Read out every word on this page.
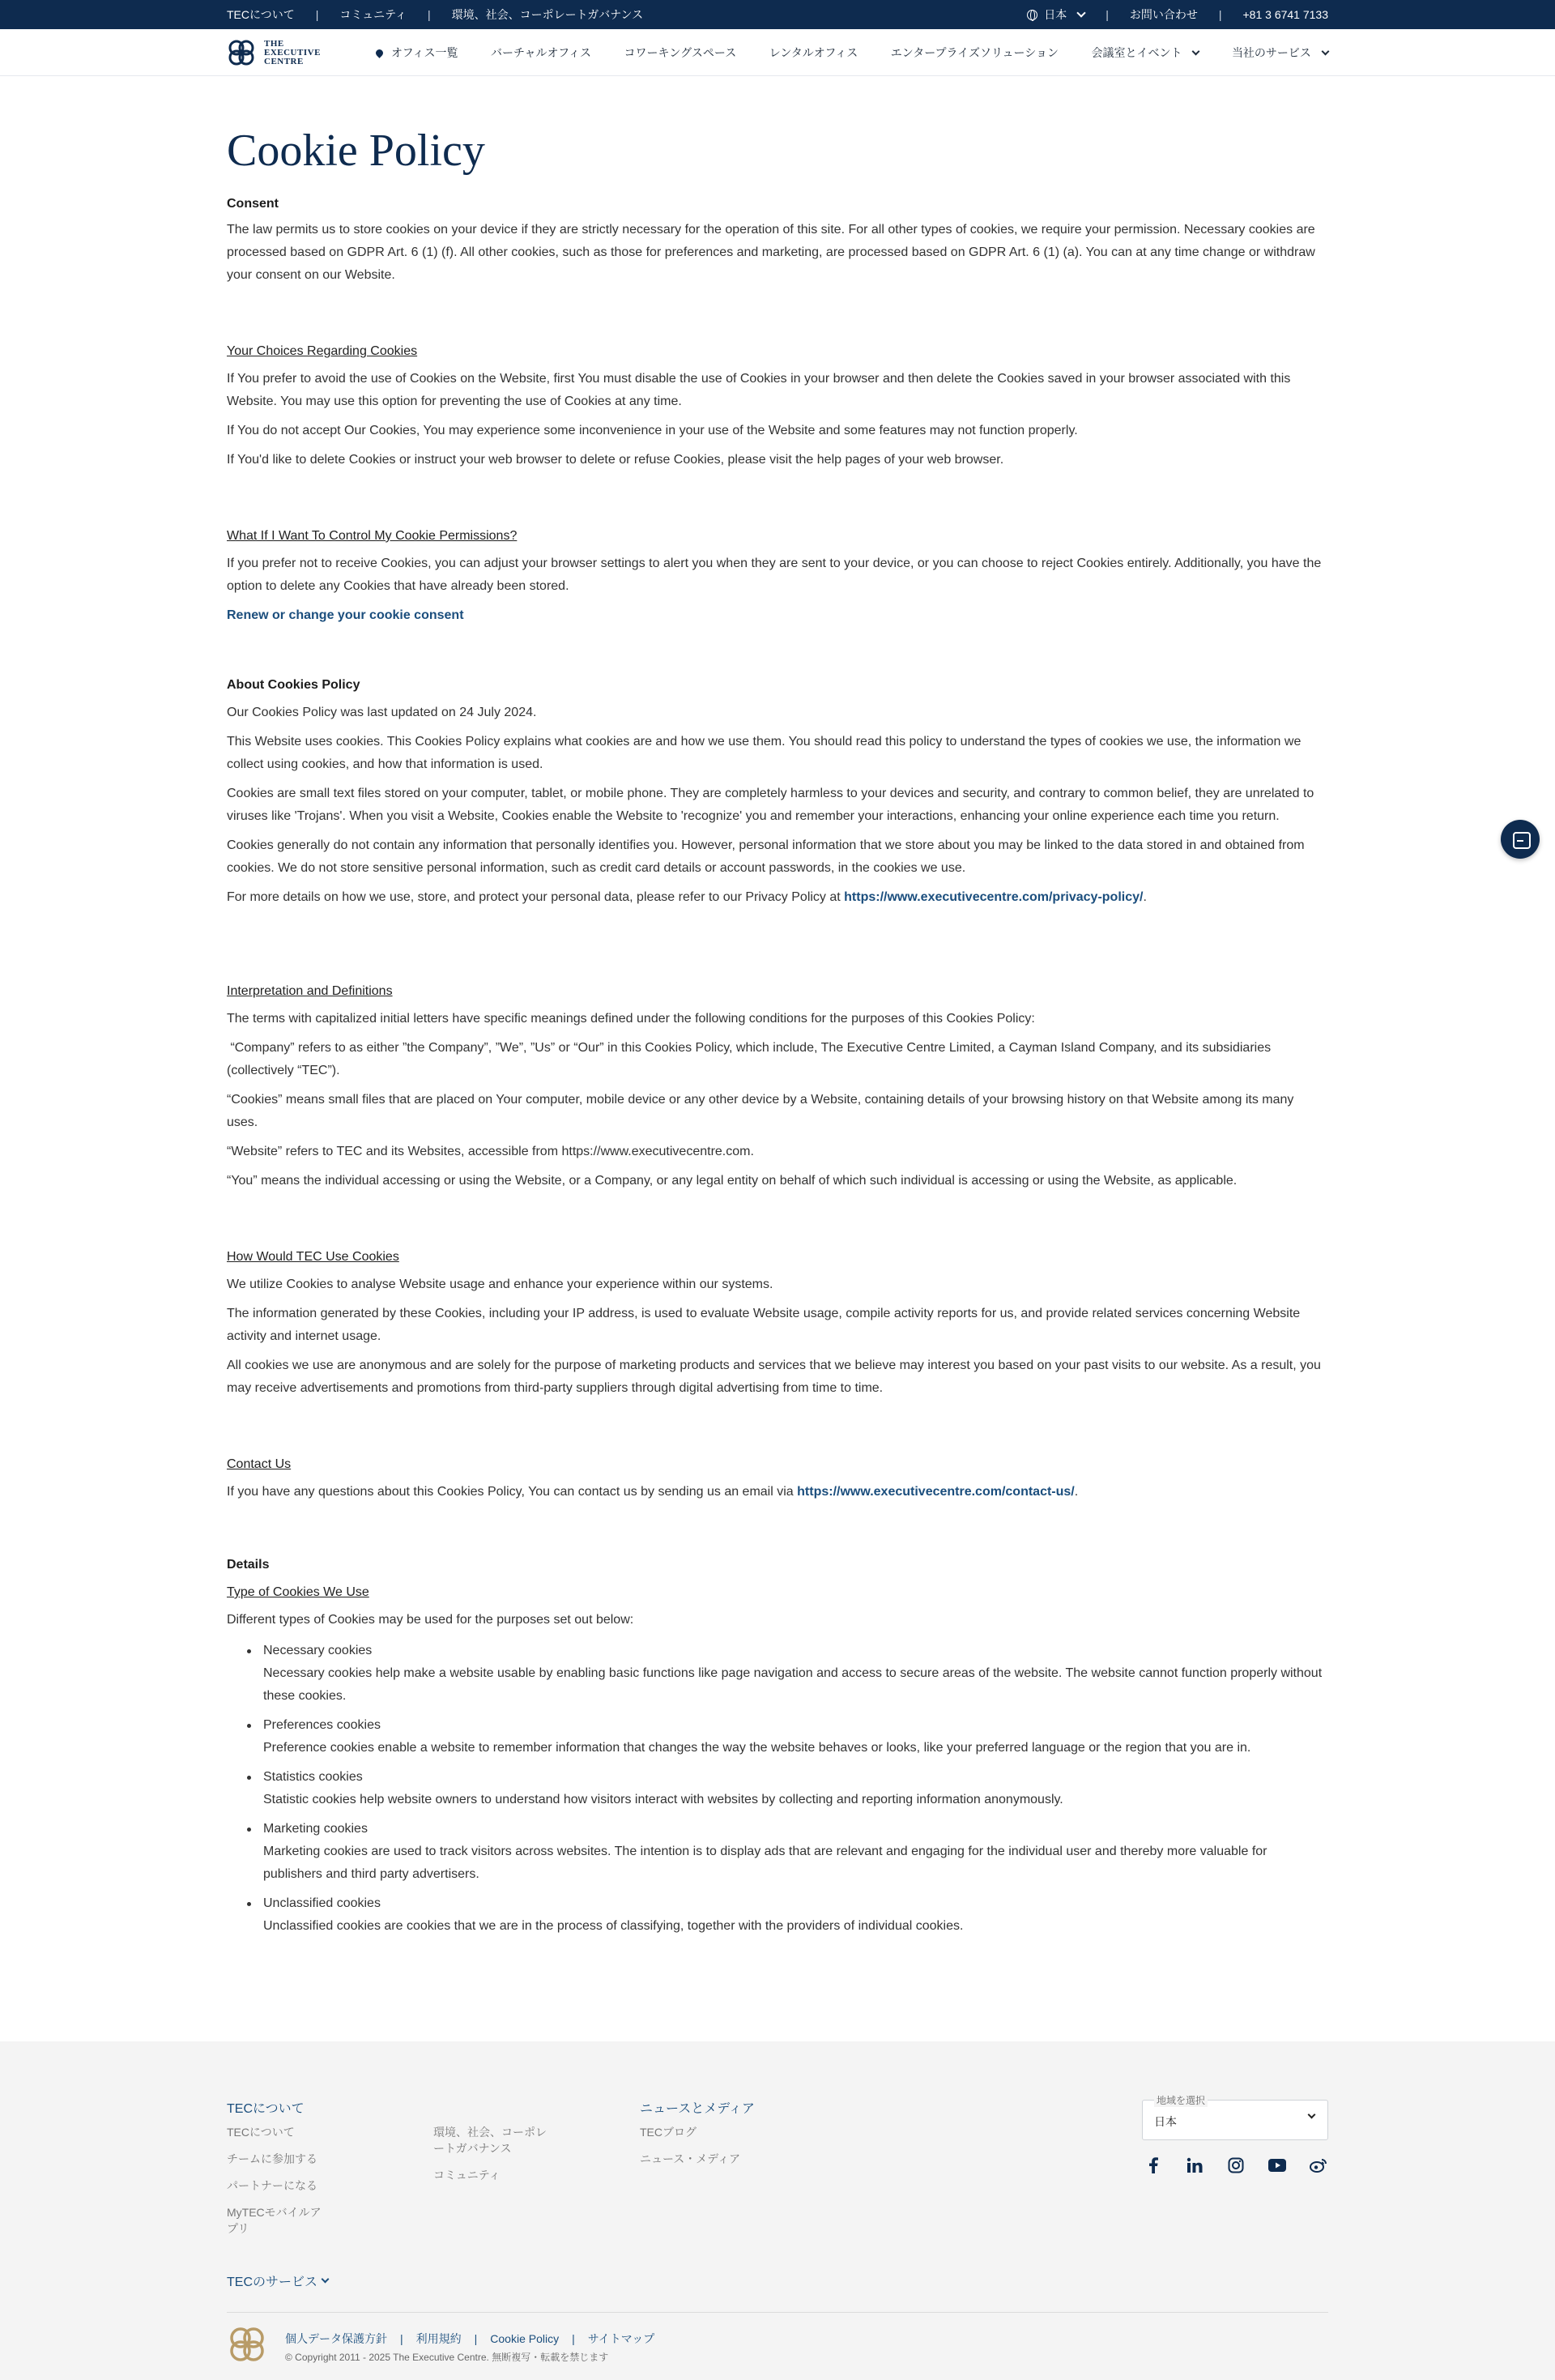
TECについて | コミュニティ | 環境、社会、コーポレートガバナンス	日本	| お問い合わせ | +81 3 6741 7133
THE
EXECUTIVE
CENTRE
オフィス一覧	バーチャルオフィス	コワーキングスペース	レンタルオフィス	エンタープライズソリューション	会議室とイベント	当社のサービス
Cookie Policy
Consent

The law permits us to store cookies on your device if they are strictly necessary for the operation of this site. For all other types of cookies, we require your permission. Necessary cookies are processed based on GDPR Art. 6 (1) (f). All other cookies, such as those for preferences and marketing, are processed based on GDPR Art. 6 (1) (a). You can at any time change or withdraw your consent on our Website.

Your Choices Regarding Cookies

If You prefer to avoid the use of Cookies on the Website, first You must disable the use of Cookies in your browser and then delete the Cookies saved in your browser associated with this Website. You may use this option for preventing the use of Cookies at any time.

If You do not accept Our Cookies, You may experience some inconvenience in your use of the Website and some features may not function properly.

If You'd like to delete Cookies or instruct your web browser to delete or refuse Cookies, please visit the help pages of your web browser.

What If I Want To Control My Cookie Permissions?

If you prefer not to receive Cookies, you can adjust your browser settings to alert you when they are sent to your device, or you can choose to reject Cookies entirely. Additionally, you have the option to delete any Cookies that have already been stored.

Renew or change your cookie consent
About Cookies Policy

Our Cookies Policy was last updated on 24 July 2024.

This Website uses cookies. This Cookies Policy explains what cookies are and how we use them. You should read this policy to understand the types of cookies we use, the information we collect using cookies, and how that information is used.

Cookies are small text files stored on your computer, tablet, or mobile phone. They are completely harmless to your devices and security, and contrary to common belief, they are unrelated to viruses like 'Trojans'. When you visit a Website, Cookies enable the Website to 'recognize' you and remember your interactions, enhancing your online experience each time you return.

Cookies generally do not contain any information that personally identifies you. However, personal information that we store about you may be linked to the data stored in and obtained from cookies. We do not store sensitive personal information, such as credit card details or account passwords, in the cookies we use.

For more details on how we use, store, and protect your personal data, please refer to our Privacy Policy at https://www.executivecentre.com/privacy-policy/.

Interpretation and Definitions

The terms with capitalized initial letters have specific meanings defined under the following conditions for the purposes of this Cookies Policy:

“Company” refers to as either ”the Company”, ”We”, ”Us” or “Our” in this Cookies Policy, which include, The Executive Centre Limited, a Cayman Island Company, and its subsidiaries (collectively “TEC”).

“Cookies” means small files that are placed on Your computer, mobile device or any other device by a Website, containing details of your browsing history on that Website among its many uses.

“Website” refers to TEC and its Websites, accessible from https://www.executivecentre.com.

“You” means the individual accessing or using the Website, or a Company, or any legal entity on behalf of which such individual is accessing or using the Website, as applicable.

How Would TEC Use Cookies

We utilize Cookies to analyse Website usage and enhance your experience within our systems.

The information generated by these Cookies, including your IP address, is used to evaluate Website usage, compile activity reports for us, and provide related services concerning Website activity and internet usage.

All cookies we use are anonymous and are solely for the purpose of marketing products and services that we believe may interest you based on your past visits to our website. As a result, you may receive advertisements and promotions from third-party suppliers through digital advertising from time to time.

Contact Us

If you have any questions about this Cookies Policy, You can contact us by sending us an email via https://www.executivecentre.com/contact-us/.

Details
Type of Cookies We Use

Different types of Cookies may be used for the purposes set out below:

Necessary cookies
Necessary cookies help make a website usable by enabling basic functions like page navigation and access to secure areas of the website. The website cannot function properly without these cookies.
Preferences cookies
Preference cookies enable a website to remember information that changes the way the website behaves or looks, like your preferred language or the region that you are in.
Statistics cookies
Statistic cookies help website owners to understand how visitors interact with websites by collecting and reporting information anonymously.
Marketing cookies
Marketing cookies are used to track visitors across websites. The intention is to display ads that are relevant and engaging for the individual user and thereby more valuable for publishers and third party advertisers.
Unclassified cookies
Unclassified cookies are cookies that we are in the process of classifying, together with the providers of individual cookies.
TECについて
TECについて
チームに参加する
パートナーになる
MyTECモバイルアプリ
環境、社会、コーポレートガバナンス
コミュニティ
ニュースとメディア
TECブログ
ニュース・メディア
地域を選択
日本
TECのサービス
個人データ保護方針 | 利用規約 | Cookie Policy | サイトマップ
© Copyright 2011 - 2025 The Executive Centre. 無断複写・転載を禁じます
